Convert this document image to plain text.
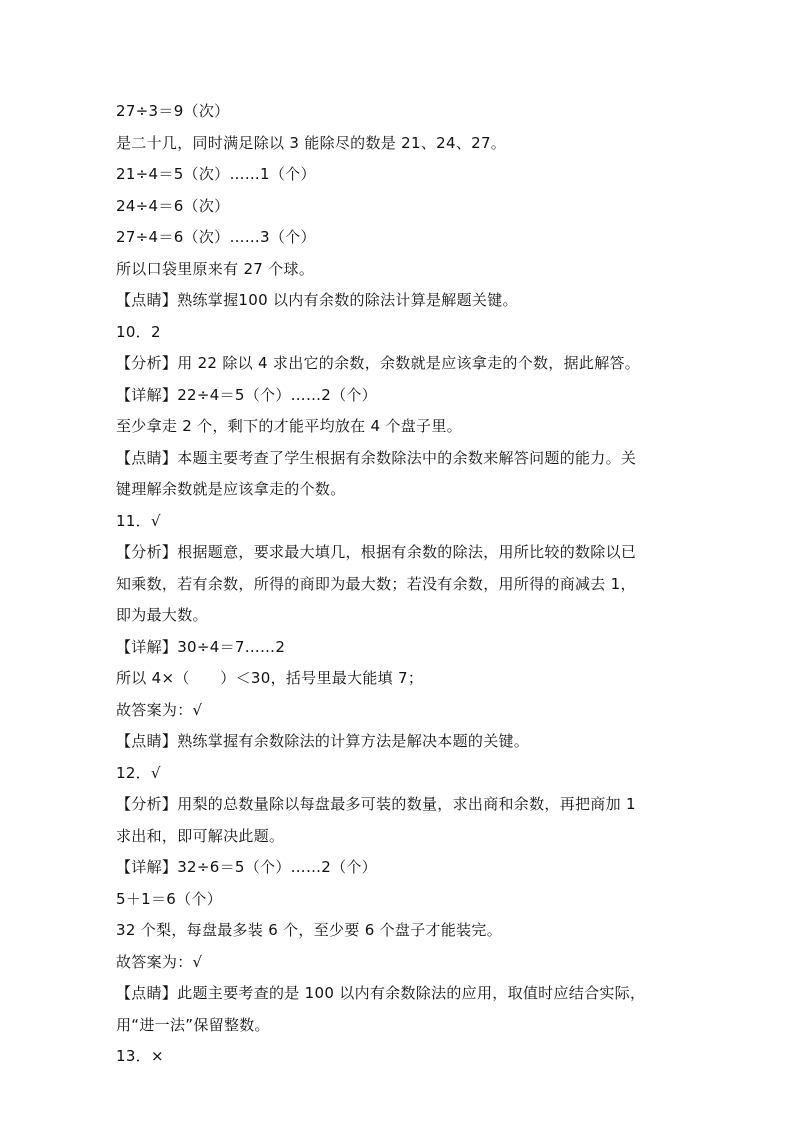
27÷3＝9（次）
是二十几，同时满足除以 3 能除尽的数是 21、24、27。
21÷4＝5（次）……1（个）
24÷4＝6（次）
27÷4＝6（次）……3（个）
所以口袋里原来有 27 个球。
【点睛】熟练掌握100 以内有余数的除法计算是解题关键。
10．2
【分析】用 22 除以 4 求出它的余数，余数就是应该拿走的个数，据此解答。
【详解】22÷4＝5（个）……2（个）
至少拿走 2 个，剩下的才能平均放在 4 个盘子里。
【点睛】本题主要考查了学生根据有余数除法中的余数来解答问题的能力。关
键理解余数就是应该拿走的个数。
11．√
【分析】根据题意，要求最大填几，根据有余数的除法，用所比较的数除以已
知乘数，若有余数，所得的商即为最大数；若没有余数，用所得的商减去 1，
即为最大数。
【详解】30÷4＝7……2
所以 4×（　　）＜30，括号里最大能填 7；
故答案为：√
【点睛】熟练掌握有余数除法的计算方法是解决本题的关键。
12．√
【分析】用梨的总数量除以每盘最多可装的数量，求出商和余数，再把商加 1
求出和，即可解决此题。
【详解】32÷6＝5（个）……2（个）
5＋1＝6（个）
32 个梨，每盘最多装 6 个，至少要 6 个盘子才能装完。
故答案为：√
【点睛】此题主要考查的是 100 以内有余数除法的应用，取值时应结合实际，
用“进一法”保留整数。
13．×
